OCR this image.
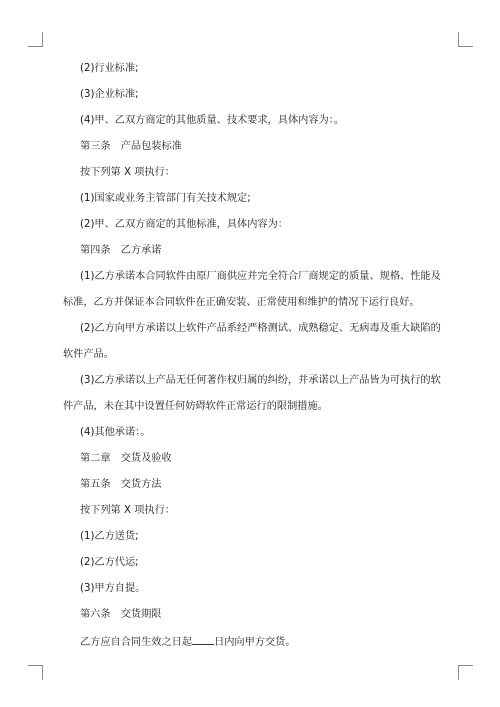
(2)行业标准;

(3)企业标准;

(4)甲、乙双方商定的其他质量、技术要求，具体内容为：。

第三条　产品包装标准

按下列第 X 项执行：

(1)国家或业务主管部门有关技术规定;

(2)甲、乙双方商定的其他标准，具体内容为：

第四条　乙方承诺

(1)乙方承诺本合同软件由原厂商供应并完全符合厂商规定的质量、规格、性能及

标准，乙方并保证本合同软件在正确安装、正常使用和维护的情况下运行良好。

(2)乙方向甲方承诺以上软件产品系经严格测试、成熟稳定、无病毒及重大缺陷的

软件产品。

(3)乙方承诺以上产品无任何著作权归属的纠纷，并承诺以上产品皆为可执行的软

件产品，未在其中设置任何妨碍软件正常运行的限制措施。

(4)其他承诺：。

第二章　交货及验收

第五条　交货方法

按下列第 X 项执行：

(1)乙方送货;

(2)乙方代运;

(3)甲方自提。

第六条　交货期限

乙方应自合同生效之日起 日内向甲方交货。
